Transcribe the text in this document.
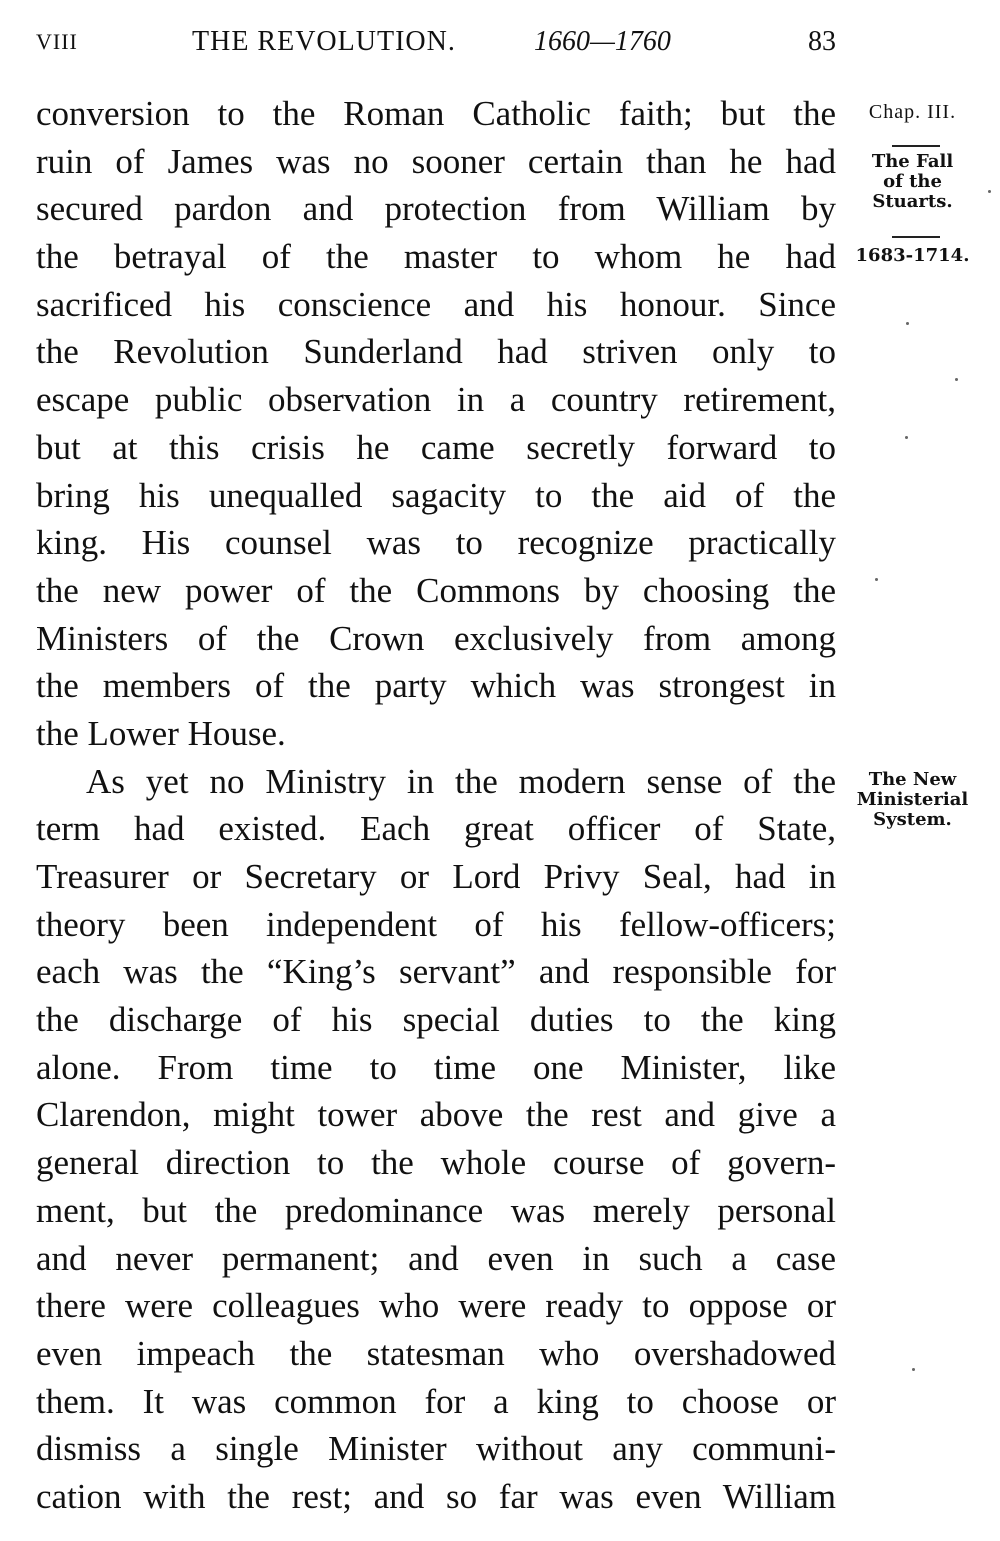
VIII	THE REVOLUTION.	1660—1760	83
conversion to the Roman Catholic faith; but the
ruin of James was no sooner certain than he had
secured pardon and protection from William by
the betrayal of the master to whom he had
sacrificed his conscience and his honour. Since
the Revolution Sunderland had striven only to
escape public observation in a country retirement,
but at this crisis he came secretly forward to
bring his unequalled sagacity to the aid of the
king. His counsel was to recognize practically
the new power of the Commons by choosing the
Ministers of the Crown exclusively from among
the members of the party which was strongest in
the Lower House.
As yet no Ministry in the modern sense of the
term had existed. Each great officer of State,
Treasurer or Secretary or Lord Privy Seal, had in
theory been independent of his fellow-officers;
each was the “King’s servant” and responsible for
the discharge of his special duties to the king
alone. From time to time one Minister, like
Clarendon, might tower above the rest and give a
general direction to the whole course of govern-
ment, but the predominance was merely personal
and never permanent; and even in such a case
there were colleagues who were ready to oppose or
even impeach the statesman who overshadowed
them. It was common for a king to choose or
dismiss a single Minister without any communi-
cation with the rest; and so far was even William
Chap. III.
The Fall
of the
Stuarts.
1683-1714.
The New
Ministerial
System.
